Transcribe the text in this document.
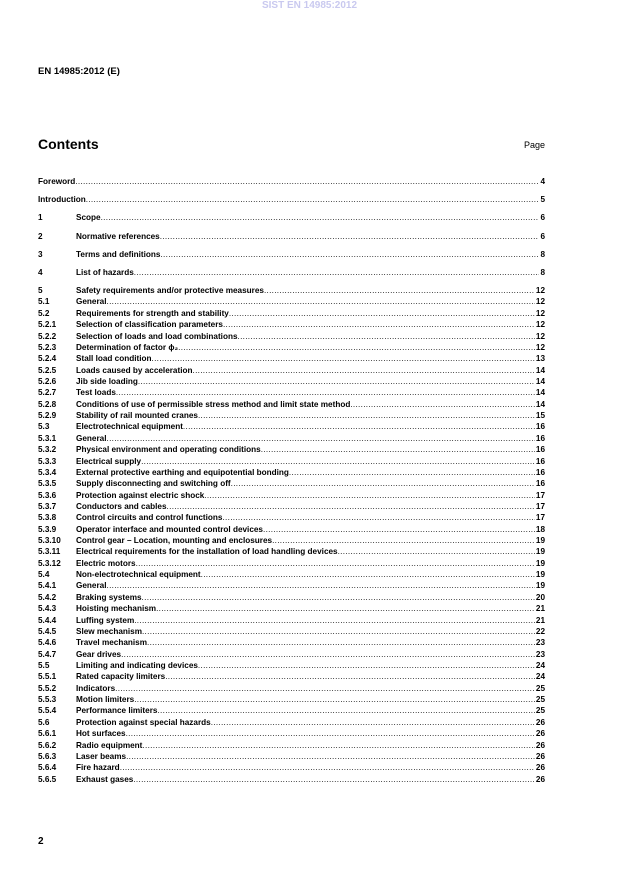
SIST EN 14985:2012
EN 14985:2012 (E)
Contents	Page
Foreword .....	4
Introduction .....	5
1	Scope .....	6
2	Normative references .....	6
3	Terms and definitions .....	8
4	List of hazards .....	8
5	Safety requirements and/or protective measures .....	12
5.1	General .....	12
5.2	Requirements for strength and stability .....	12
5.2.1	Selection of classification parameters .....	12
5.2.2	Selection of loads and load combinations .....	12
5.2.3	Determination of factor ϕ₂ .....	12
5.2.4	Stall load condition .....	13
5.2.5	Loads caused by acceleration .....	14
5.2.6	Jib side loading .....	14
5.2.7	Test loads .....	14
5.2.8	Conditions of use of permissible stress method and limit state method .....	14
5.2.9	Stability of rail mounted cranes .....	15
5.3	Electrotechnical equipment .....	16
5.3.1	General .....	16
5.3.2	Physical environment and operating conditions .....	16
5.3.3	Electrical supply .....	16
5.3.4	External protective earthing and equipotential bonding .....	16
5.3.5	Supply disconnecting and switching off .....	16
5.3.6	Protection against electric shock .....	17
5.3.7	Conductors and cables .....	17
5.3.8	Control circuits and control functions .....	17
5.3.9	Operator interface and mounted control devices .....	18
5.3.10	Control gear – Location, mounting and enclosures .....	19
5.3.11	Electrical requirements for the installation of load handling devices .....	19
5.3.12	Electric motors .....	19
5.4	Non-electrotechnical equipment .....	19
5.4.1	General .....	19
5.4.2	Braking systems .....	20
5.4.3	Hoisting mechanism .....	21
5.4.4	Luffing system .....	21
5.4.5	Slew mechanism .....	22
5.4.6	Travel mechanism .....	23
5.4.7	Gear drives .....	23
5.5	Limiting and indicating devices .....	24
5.5.1	Rated capacity limiters .....	24
5.5.2	Indicators .....	25
5.5.3	Motion limiters .....	25
5.5.4	Performance limiters .....	25
5.6	Protection against special hazards .....	26
5.6.1	Hot surfaces .....	26
5.6.2	Radio equipment .....	26
5.6.3	Laser beams .....	26
5.6.4	Fire hazard .....	26
5.6.5	Exhaust gases .....	26
2
